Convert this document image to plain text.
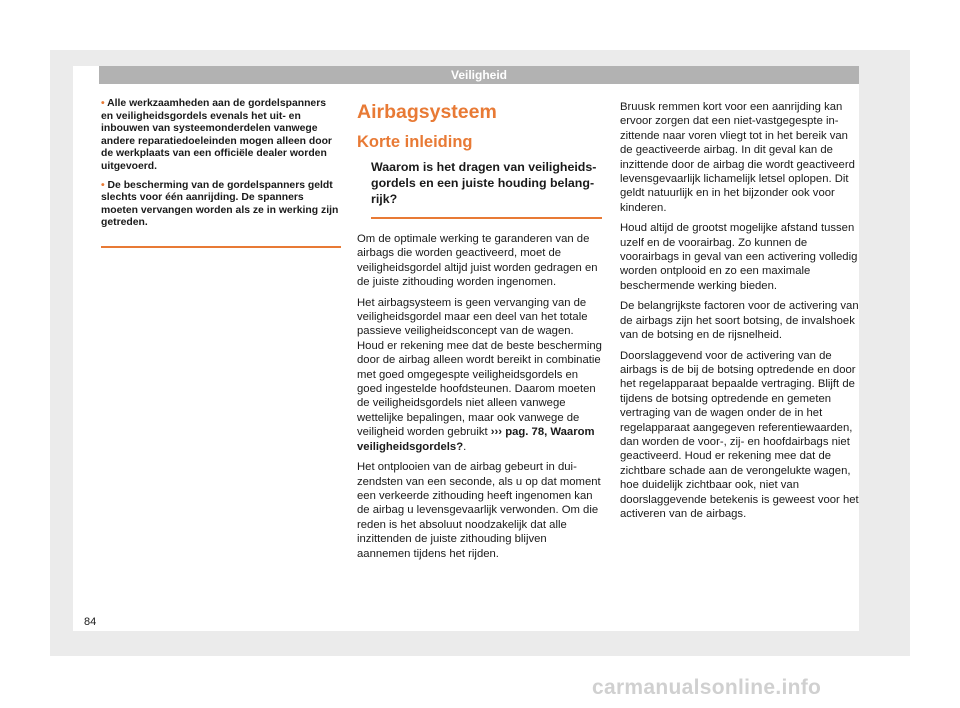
Veiligheid

• Alle werkzaamheden aan de gordelspanners en veiligheidsgordels evenals het uit- en inbouwen van systeemonderdelen vanwege andere reparatiedoeleinden mogen alleen door de werkplaats van een officiële dealer worden uitgevoerd.

• De bescherming van de gordelspanners geldt slechts voor één aanrijding. De spanners moeten vervangen worden als ze in werking zijn getreden.

Airbagsysteem
Korte inleiding
Waarom is het dragen van veiligheidsgordels en een juiste houding belangrijk?

Om de optimale werking te garanderen van de airbags die worden geactiveerd, moet de veiligheidsgordel altijd juist worden gedragen en de juiste zithouding worden ingenomen.

Het airbagsysteem is geen vervanging van de veiligheidsgordel maar een deel van het totale passieve veiligheidsconcept van de wagen. Houd er rekening mee dat de beste bescherming door de airbag alleen wordt bereikt in combinatie met goed omgegespte veiligheidsgordels en goed ingestelde hoofdsteunen. Daarom moeten de veiligheidsgordels niet alleen vanwege wettelijke bepalingen, maar ook vanwege de veiligheid worden gebruikt ››› pag. 78, Waarom veiligheidsgordels?.

Het ontplooien van de airbag gebeurt in duizendsten van een seconde, als u op dat moment een verkeerde zithouding heeft ingenomen kan de airbag u levensgevaarlijk verwonden. Om die reden is het absoluut noodzakelijk dat alle inzittenden de juiste zithouding blijven aannemen tijdens het rijden.

Bruusk remmen kort voor een aanrijding kan ervoor zorgen dat een niet-vastgegespte inzittende naar voren vliegt tot in het bereik van de geactiveerde airbag. In dit geval kan de inzittende door de airbag die wordt geactiveerd levensgevaarlijk lichamelijk letsel oplopen. Dit geldt natuurlijk en in het bijzonder ook voor kinderen.

Houd altijd de grootst mogelijke afstand tussen uzelf en de voorairbag. Zo kunnen de voorairbags in geval van een activering volledig worden ontplooid en zo een maximale beschermende werking bieden.

De belangrijkste factoren voor de activering van de airbags zijn het soort botsing, de invalshoek van de botsing en de rijsnelheid.

Doorslaggevend voor de activering van de airbags is de bij de botsing optredende en door het regelapparaat bepaalde vertraging. Blijft de tijdens de botsing optredende en gemeten vertraging van de wagen onder de in het regelapparaat aangegeven referentiewaarden, dan worden de voor-, zij- en hoofdairbags niet geactiveerd. Houd er rekening mee dat de zichtbare schade aan de verongelukte wagen, hoe duidelijk zichtbaar ook, niet van doorslaggevende betekenis is geweest voor het activeren van de airbags.

84
carmanualsonline.info
